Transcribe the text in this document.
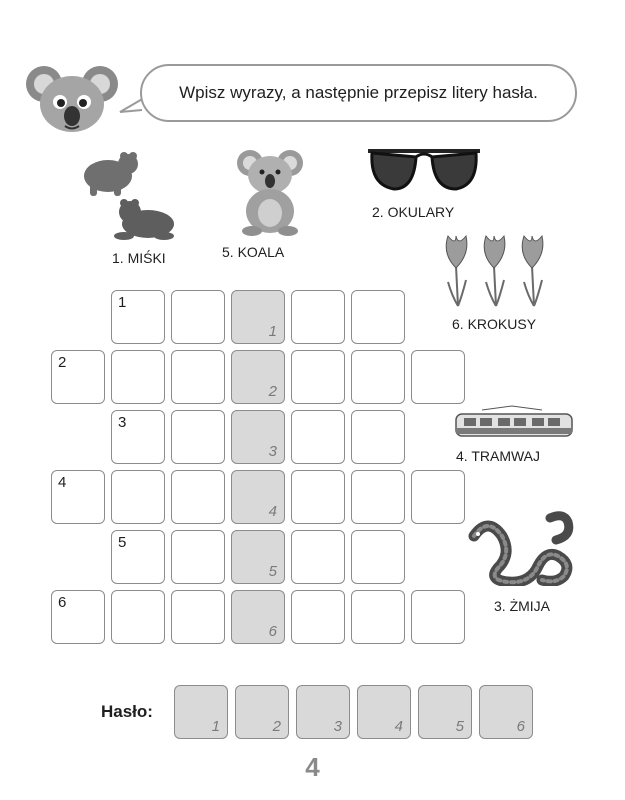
Wpisz wyrazy, a następnie przepisz litery hasła.
1. MIŚKI	5. KOALA
2. OKULARY
6. KROKUSY
4. TRAMWAJ
3. ŻMIJA
1
1
2
2
3
3
4
4
5
5
6
6
Hasło:
1	2	3	4	5	6
4
